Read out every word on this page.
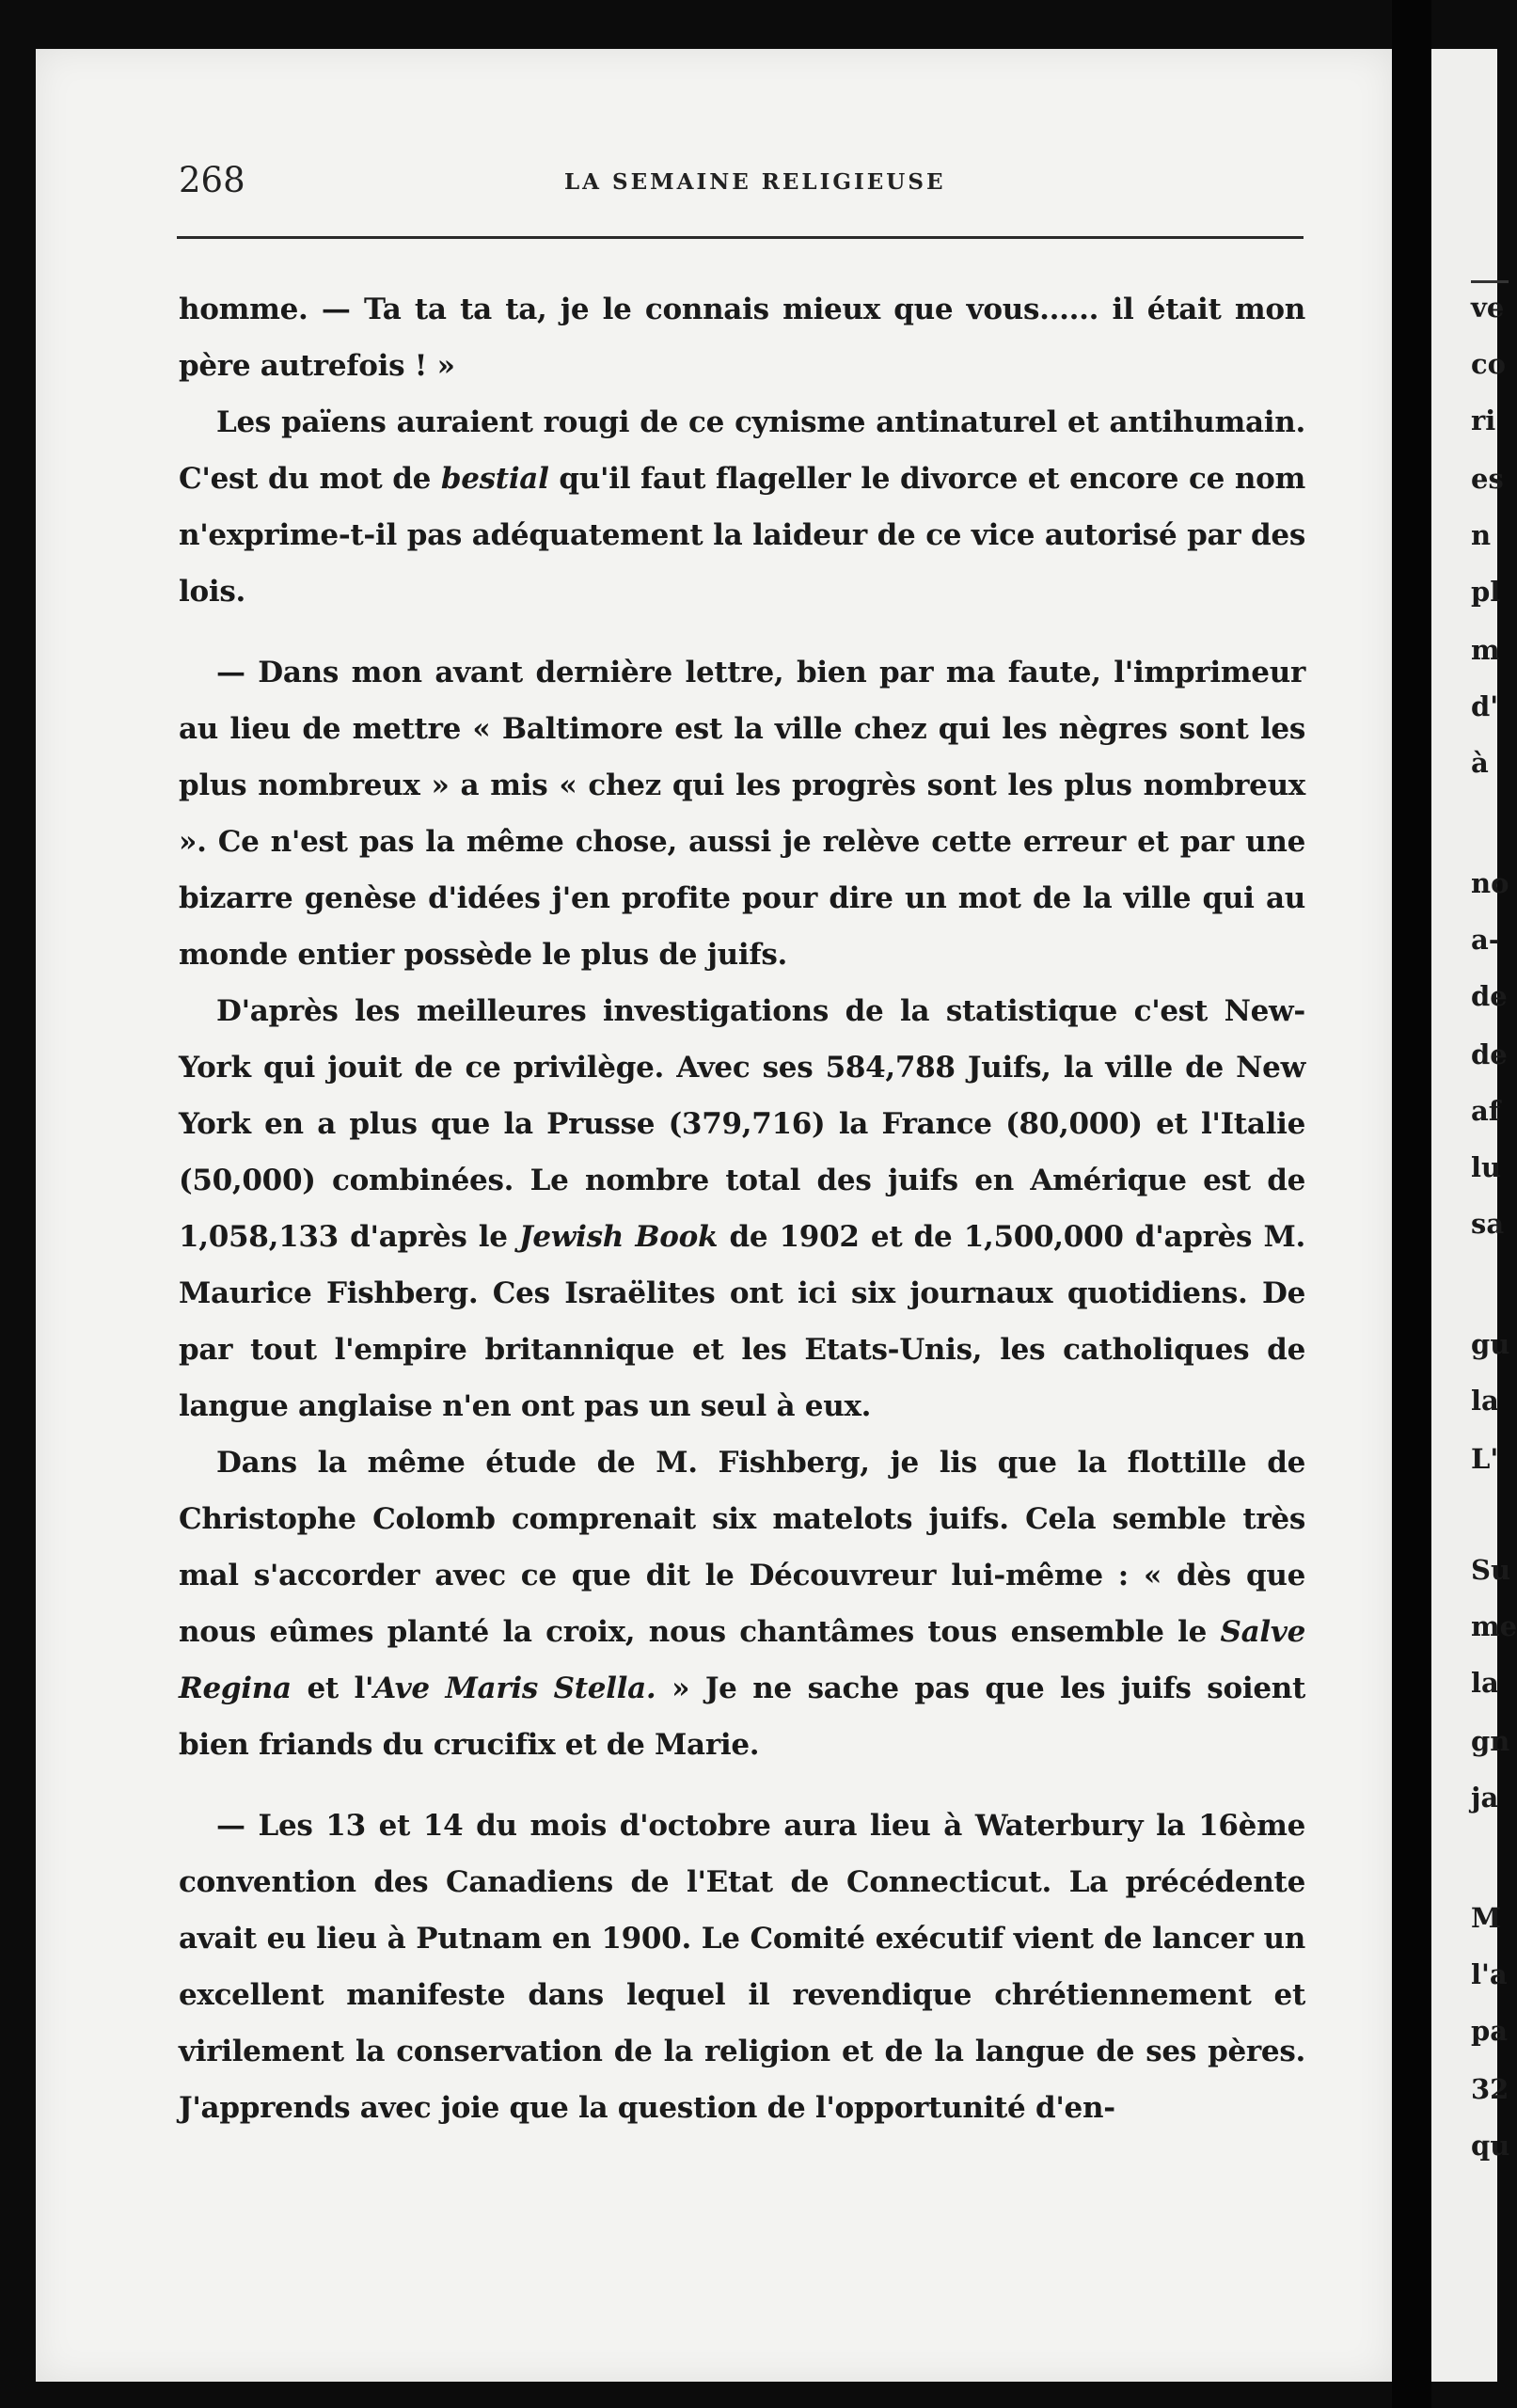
268	LA SEMAINE RELIGIEUSE

homme. — Ta ta ta ta, je le connais mieux que vous...... il était mon père autrefois ! »

Les païens auraient rougi de ce cynisme antinaturel et antihumain. C'est du mot de bestial qu'il faut flageller le divorce et encore ce nom n'exprime-t-il pas adéquatement la laideur de ce vice autorisé par des lois.

— Dans mon avant dernière lettre, bien par ma faute, l'imprimeur au lieu de mettre « Baltimore est la ville chez qui les nègres sont les plus nombreux » a mis « chez qui les progrès sont les plus nombreux ». Ce n'est pas la même chose, aussi je relève cette erreur et par une bizarre genèse d'idées j'en profite pour dire un mot de la ville qui au monde entier possède le plus de juifs.

D'après les meilleures investigations de la statistique c'est New-York qui jouit de ce privilège. Avec ses 584,788 Juifs, la ville de New York en a plus que la Prusse (379,716) la France (80,000) et l'Italie (50,000) combinées. Le nombre total des juifs en Amérique est de 1,058,133 d'après le Jewish Book de 1902 et de 1,500,000 d'après M. Maurice Fishberg. Ces Israëlites ont ici six journaux quotidiens. De par tout l'empire britannique et les Etats-Unis, les catholiques de langue anglaise n'en ont pas un seul à eux.

Dans la même étude de M. Fishberg, je lis que la flottille de Christophe Colomb comprenait six matelots juifs. Cela semble très mal s'accorder avec ce que dit le Découvreur lui-même : « dès que nous eûmes planté la croix, nous chantâmes tous ensemble le Salve Regina et l'Ave Maris Stella. » Je ne sache pas que les juifs soient bien friands du crucifix et de Marie.

— Les 13 et 14 du mois d'octobre aura lieu à Waterbury la 16ème convention des Canadiens de l'Etat de Connecticut. La précédente avait eu lieu à Putnam en 1900. Le Comité exécutif vient de lancer un excellent manifeste dans lequel il revendique chrétiennement et virilement la conservation de la religion et de la langue de ses pères. J'apprends avec joie que la question de l'opportunité d'en-

ve
co
ri
es
n
pl
m
d'
à
no
a-
de
de
af
lu
sa
gu
la
L'
Su
me
la
gn
ja
M
l'a
pa
32
qu
